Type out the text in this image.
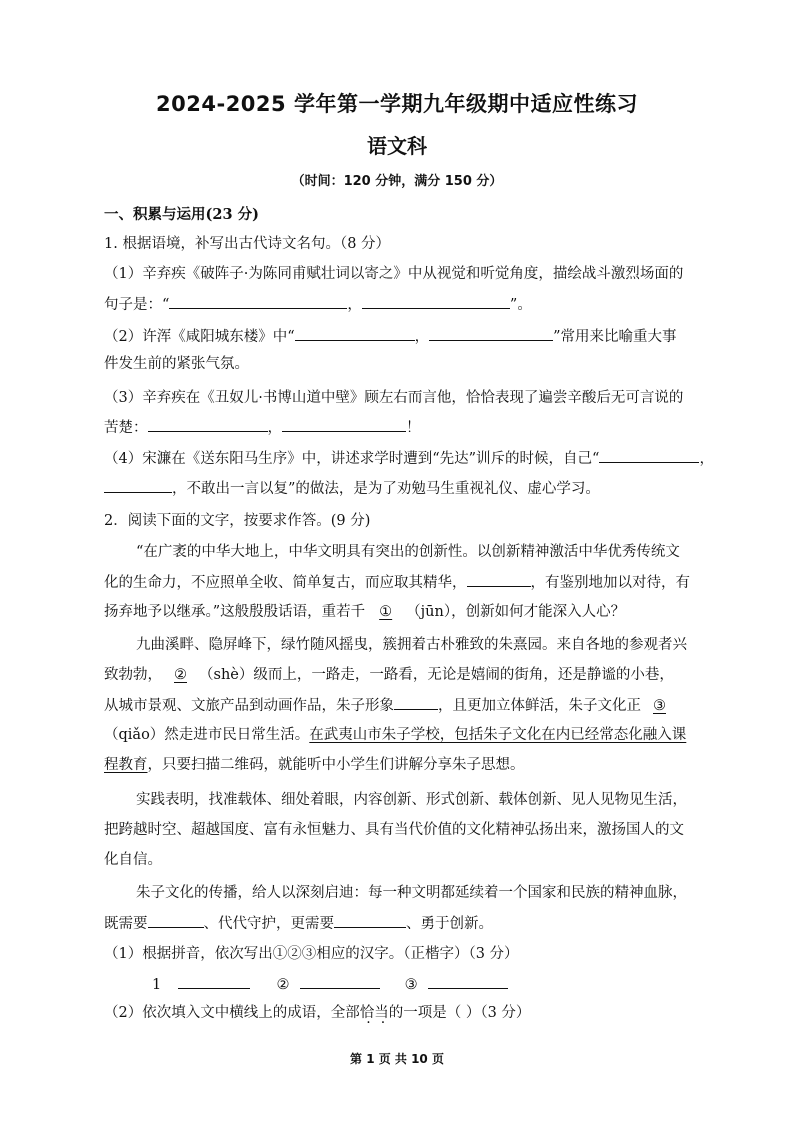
2024-2025 学年第一学期九年级期中适应性练习
语文科
（时间：120 分钟，满分 150 分）
一、积累与运用(23 分)
1. 根据语境，补写出古代诗文名句。（8 分）
（1）辛弃疾《破阵子·为陈同甫赋壮词以寄之》中从视觉和听觉角度，描绘战斗激烈场面的
句子是：“	，	”。
（2）许浑《咸阳城东楼》中“	，	”常用来比喻重大事
件发生前的紧张气氛。
（3）辛弃疾在《丑奴儿·书博山道中壁》顾左右而言他，恰恰表现了遍尝辛酸后无可言说的
苦楚：	，	！
（4）宋濂在《送东阳马生序》中，讲述求学时遭到“先达”训斥的时候，自己“	，
，不敢出一言以复”的做法，是为了劝勉马生重视礼仪、虚心学习。
2．阅读下面的文字，按要求作答。(9 分)
“在广袤的中华大地上，中华文明具有突出的创新性。以创新精神激活中华优秀传统文
化的生命力，不应照单全收、简单复古，而应取其精华，	，有鉴别地加以对待，有
扬弃地予以继承。”这般殷殷话语，重若千 ① （jūn），创新如何才能深入人心？
九曲溪畔、隐屏峰下，绿竹随风摇曳，簇拥着古朴雅致的朱熹园。来自各地的参观者兴
致勃勃， ② （shè）级而上，一路走，一路看，无论是嬉闹的街角，还是静谧的小巷，
从城市景观、文旅产品到动画作品，朱子形象	，且更加立体鲜活，朱子文化正 ③
（qiǎo）然走进市民日常生活。在武夷山市朱子学校，包括朱子文化在内已经常态化融入课
程教育，只要扫描二维码，就能听中小学生们讲解分享朱子思想。
实践表明，找准载体、细处着眼，内容创新、形式创新、载体创新、见人见物见生活，
把跨越时空、超越国度、富有永恒魅力、具有当代价值的文化精神弘扬出来，激扬国人的文
化自信。
朱子文化的传播，给人以深刻启迪：每一种文明都延续着一个国家和民族的精神血脉，
既需要	、代代守护，更需要	、勇于创新。
（1）根据拼音，依次写出①②③相应的汉字。（正楷字）（3 分）
1	②	③
（2）依次填入文中横线上的成语，全部恰当的一项是（ ）（3 分）
第 1 页 共 10 页
